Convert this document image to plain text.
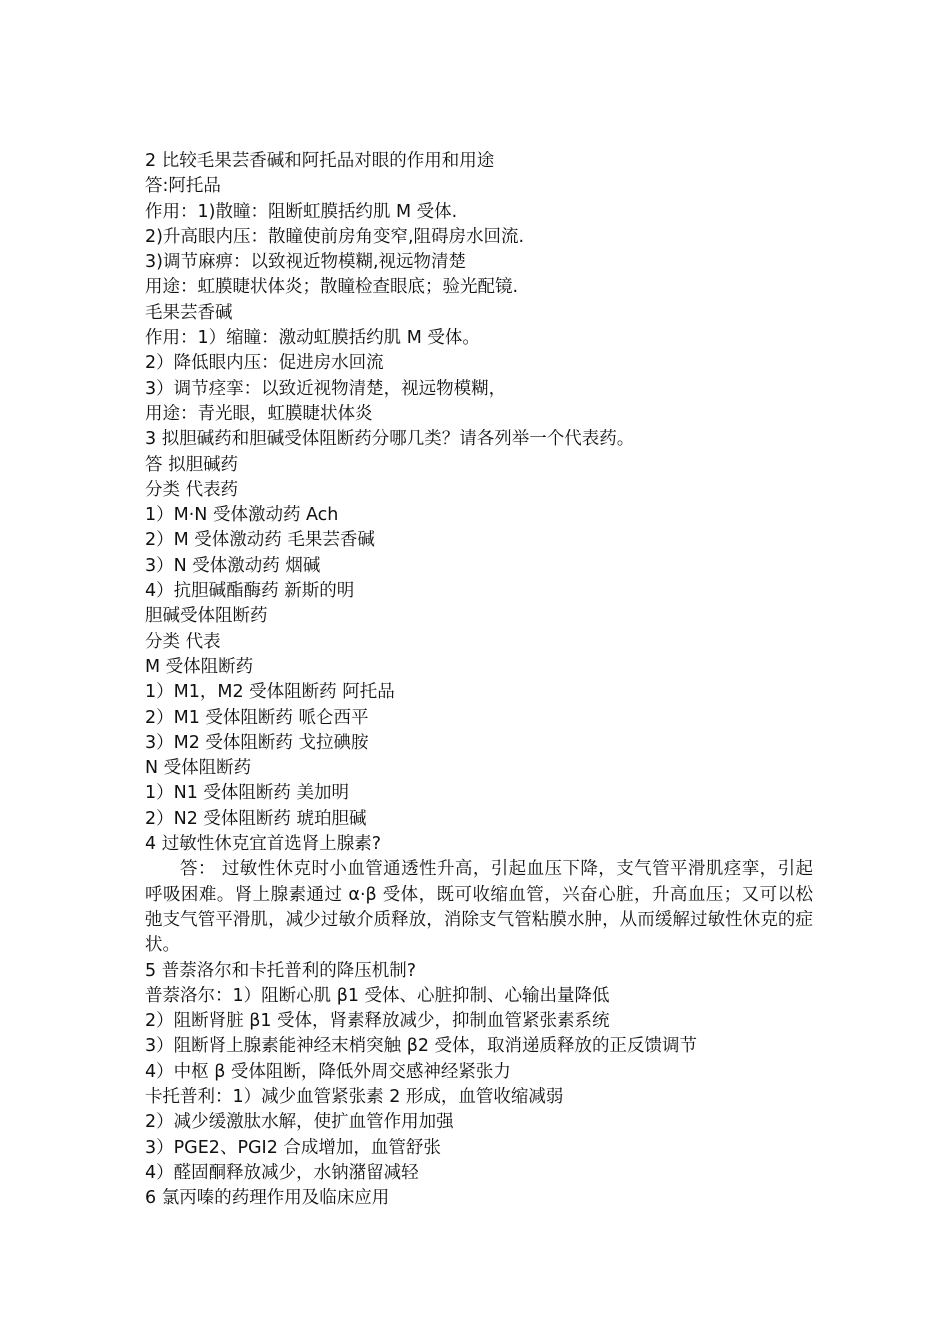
2 比较毛果芸香碱和阿托品对眼的作用和用途
答:阿托品
作用：1)散瞳：阻断虹膜括约肌 M 受体.
2)升高眼内压：散瞳使前房角变窄,阻碍房水回流.
3)调节麻痹：以致视近物模糊,视远物清楚
用途：虹膜睫状体炎；散瞳检查眼底；验光配镜.
毛果芸香碱
作用：1）缩瞳：激动虹膜括约肌 M 受体。
2）降低眼内压：促进房水回流
3）调节痉挛：以致近视物清楚，视远物模糊，
用途：青光眼，虹膜睫状体炎
3 拟胆碱药和胆碱受体阻断药分哪几类？请各列举一个代表药。
答 拟胆碱药
分类 代表药
1）M·N 受体激动药 Ach
2）M 受体激动药 毛果芸香碱
3）N 受体激动药 烟碱
4）抗胆碱酯酶药 新斯的明
胆碱受体阻断药
分类 代表
M 受体阻断药
1）M1，M2 受体阻断药 阿托品
2）M1 受体阻断药 哌仑西平
3）M2 受体阻断药 戈拉碘胺
N 受体阻断药
1）N1 受体阻断药 美加明
2）N2 受体阻断药 琥珀胆碱
4 过敏性休克宜首选肾上腺素?
答： 过敏性休克时小血管通透性升高，引起血压下降，支气管平滑肌痉挛，引起呼吸困难。肾上腺素通过 α·β 受体，既可收缩血管，兴奋心脏，升高血压；又可以松弛支气管平滑肌，减少过敏介质释放，消除支气管粘膜水肿，从而缓解过敏性休克的症状。
5 普萘洛尔和卡托普利的降压机制?
普萘洛尔：1）阻断心肌 β1 受体、心脏抑制、心输出量降低
2）阻断肾脏 β1 受体，肾素释放减少，抑制血管紧张素系统
3）阻断肾上腺素能神经末梢突触 β2 受体，取消递质释放的正反馈调节
4）中枢 β 受体阻断，降低外周交感神经紧张力
卡托普利：1）减少血管紧张素 2 形成，血管收缩减弱
2）减少缓激肽水解，使扩血管作用加强
3）PGE2、PGI2 合成增加，血管舒张
4）醛固酮释放减少，水钠潴留减轻
6 氯丙嗪的药理作用及临床应用
